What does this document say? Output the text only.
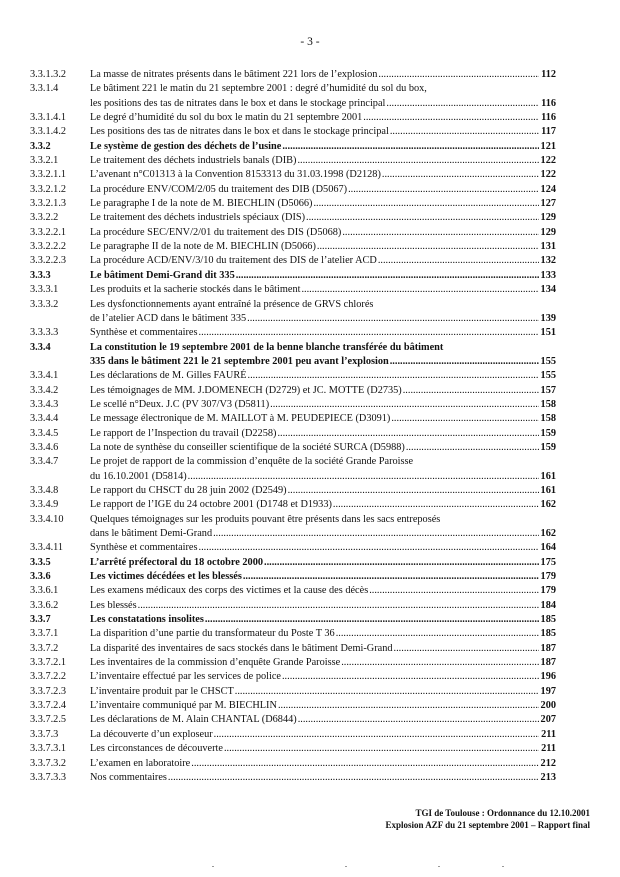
- 3 -
3.3.1.3.2	La masse de nitrates présents dans le bâtiment 221 lors de l’explosion .....	112
3.3.1.4	Le bâtiment 221 le matin du 21 septembre 2001 : degré d’humidité du sol du box,
les positions des tas de nitrates dans le box et dans le stockage principal .....	116
3.3.1.4.1	Le degré d’humidité du sol du box le matin du 21 septembre 2001 .....	116
3.3.1.4.2	Les positions des tas de nitrates dans le box et dans le stockage principal .....	117
3.3.2	Le système de gestion des déchets de l’usine .....	121
3.3.2.1	Le traitement des déchets industriels banals (DIB) .....	122
3.3.2.1.1	L’avenant n°C01313 à la Convention 8153313 du 31.03.1998 (D2128) .....	122
3.3.2.1.2	La procédure ENV/COM/2/05 du traitement des DIB (D5067) .....	124
3.3.2.1.3	Le paragraphe I de la note de M. BIECHLIN (D5066) .....	127
3.3.2.2	Le traitement des déchets industriels spéciaux (DIS) .....	129
3.3.2.2.1	La procédure SEC/ENV/2/01 du traitement des DIS (D5068) .....	129
3.3.2.2.2	Le paragraphe II de la note de M. BIECHLIN (D5066) .....	131
3.3.2.2.3	La procédure ACD/ENV/3/10 du traitement des DIS de l’atelier ACD .....	132
3.3.3	Le bâtiment Demi-Grand dit 335 .....	133
3.3.3.1	Les produits et la sacherie stockés dans le bâtiment .....	134
3.3.3.2	Les dysfonctionnements ayant entraîné la présence de GRVS chlorés
de l’atelier ACD dans le bâtiment 335 .....	139
3.3.3.3	Synthèse et commentaires .....	151
3.3.4	La constitution le 19 septembre 2001 de la benne blanche transférée du bâtiment
335 dans le bâtiment 221 le 21 septembre 2001 peu avant l’explosion .....	155
3.3.4.1	Les déclarations de M. Gilles FAURÉ .....	155
3.3.4.2	Les témoignages de MM. J.DOMENECH (D2729) et JC. MOTTE (D2735) .....	157
3.3.4.3	Le scellé n°Deux. J.C (PV 307/V3 (D5811) .....	158
3.3.4.4	Le message électronique de M. MAILLOT à M. PEUDEPIECE (D3091) .....	158
3.3.4.5	Le rapport de l’Inspection du travail (D2258) .....	159
3.3.4.6	La note de synthèse du conseiller scientifique de la société SURCA (D5988) .....	159
3.3.4.7	Le projet de rapport de la commission d’enquête de la société Grande Paroisse
du 16.10.2001 (D5814) .....	161
3.3.4.8	Le rapport du CHSCT du 28 juin 2002 (D2549) .....	161
3.3.4.9	Le rapport de l’IGE du 24 octobre 2001 (D1748 et D1933) .....	162
3.3.4.10	Quelques témoignages sur les produits pouvant être présents dans les sacs entreposés
dans le bâtiment Demi-Grand .....	162
3.3.4.11	Synthèse et commentaires .....	164
3.3.5	L’arrêté préfectoral du 18 octobre 2000 .....	175
3.3.6	Les victimes décédées et les blessés .....	179
3.3.6.1	Les examens médicaux des corps des victimes et la cause des décès .....	179
3.3.6.2	Les blessés .....	184
3.3.7	Les constatations insolites .....	185
3.3.7.1	La disparition d’une partie du transformateur du Poste T 36 .....	185
3.3.7.2	La disparité des inventaires de sacs stockés dans le bâtiment Demi-Grand .....	187
3.3.7.2.1	Les inventaires de la commission d’enquête Grande Paroisse .....	187
3.3.7.2.2	L’inventaire effectué par les services de police .....	196
3.3.7.2.3	L’inventaire produit par le CHSCT .....	197
3.3.7.2.4	L’inventaire communiqué par M. BIECHLIN .....	200
3.3.7.2.5	Les déclarations de M. Alain CHANTAL (D6844) .....	207
3.3.7.3	La découverte d’un exploseur .....	211
3.3.7.3.1	Les circonstances de découverte .....	211
3.3.7.3.2	L’examen en laboratoire .....	212
3.3.7.3.3	Nos commentaires .....	213
TGI de Toulouse : Ordonnance du 12.10.2001
Explosion AZF du 21 septembre 2001 – Rapport final
